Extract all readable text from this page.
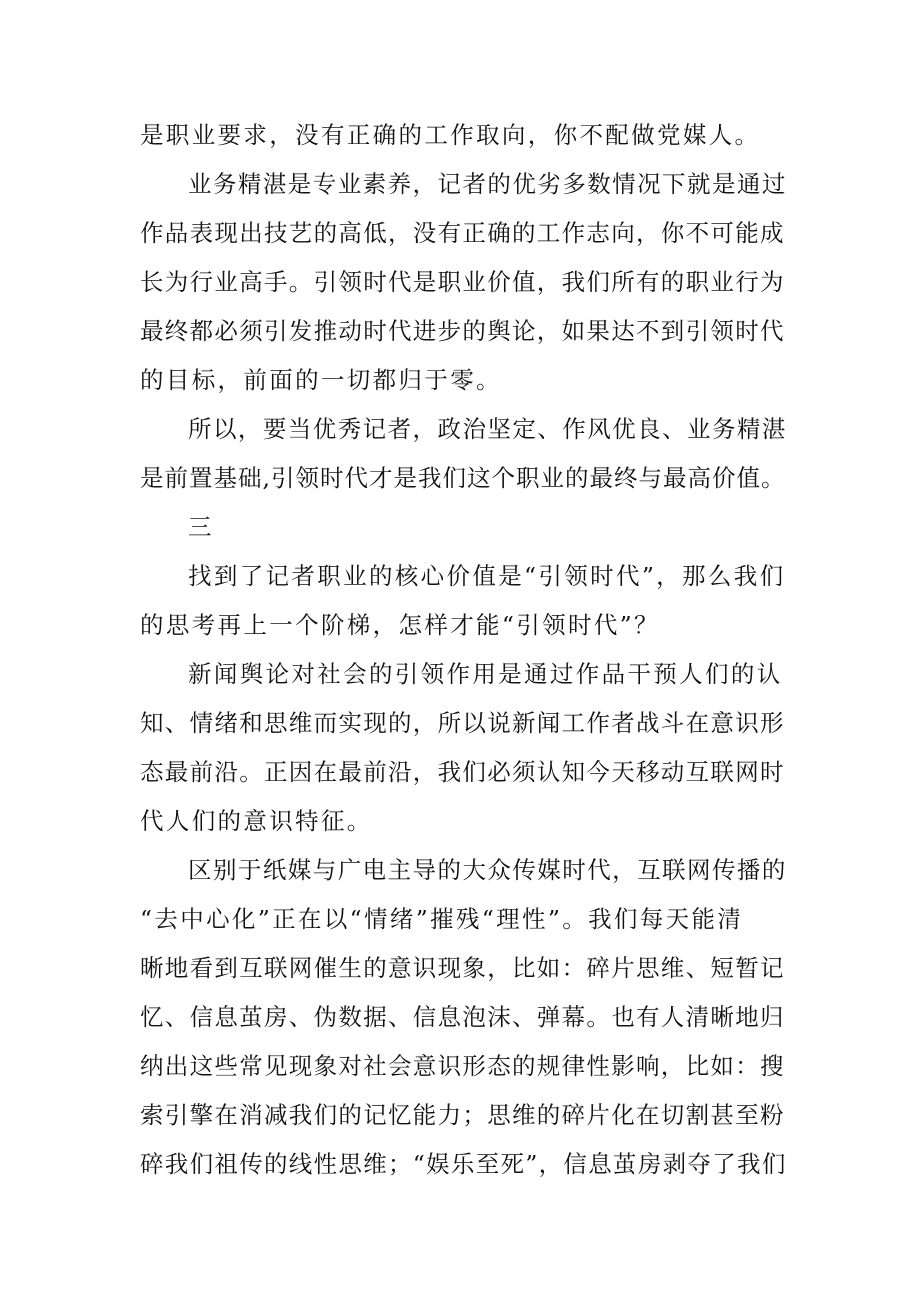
是职业要求，没有正确的工作取向，你不配做党媒人。

业务精湛是专业素养，记者的优劣多数情况下就是通过

作品表现出技艺的高低，没有正确的工作志向，你不可能成

长为行业高手。引领时代是职业价值，我们所有的职业行为

最终都必须引发推动时代进步的舆论，如果达不到引领时代

的目标，前面的一切都归于零。

所以，要当优秀记者，政治坚定、作风优良、业务精湛

是前置基础,引领时代才是我们这个职业的最终与最高价值。

三

找到了记者职业的核心价值是“引领时代”，那么我们

的思考再上一个阶梯，怎样才能“引领时代”？

新闻舆论对社会的引领作用是通过作品干预人们的认

知、情绪和思维而实现的，所以说新闻工作者战斗在意识形

态最前沿。正因在最前沿，我们必须认知今天移动互联网时

代人们的意识特征。

区别于纸媒与广电主导的大众传媒时代，互联网传播的

“去中心化”正在以“情绪”摧残“理性”。我们每天能清

晰地看到互联网催生的意识现象，比如：碎片思维、短暂记

忆、信息茧房、伪数据、信息泡沫、弹幕。也有人清晰地归

纳出这些常见现象对社会意识形态的规律性影响，比如：搜

索引擎在消减我们的记忆能力；思维的碎片化在切割甚至粉

碎我们祖传的线性思维；“娱乐至死”，信息茧房剥夺了我们
